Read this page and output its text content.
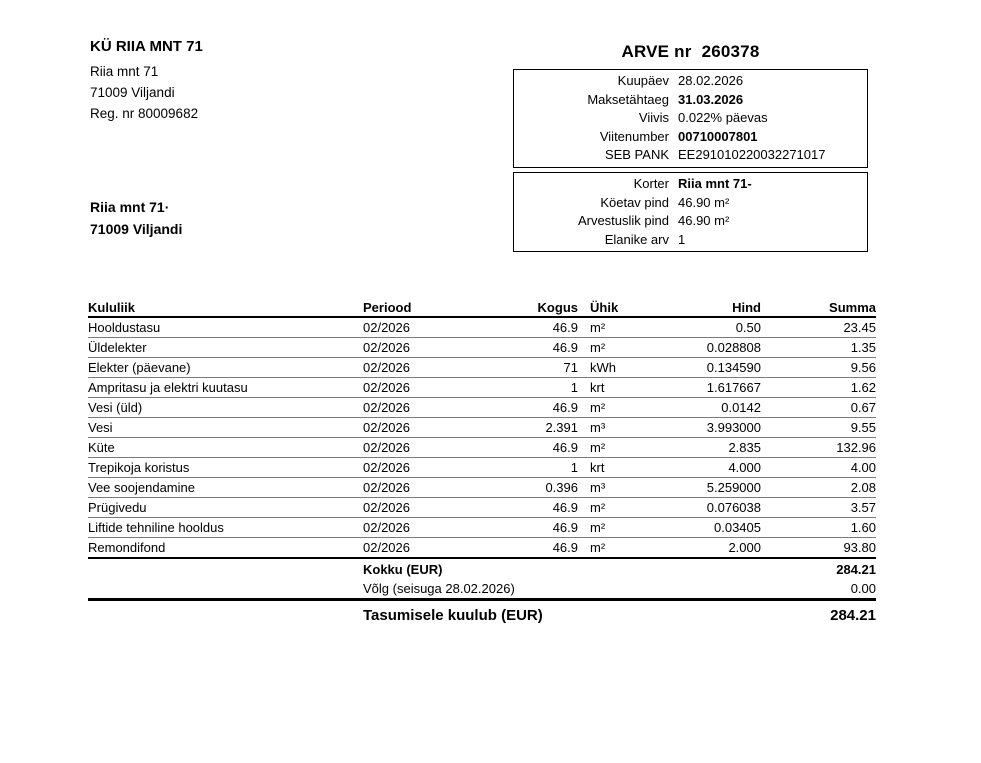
KÜ RIIA MNT 71
Riia mnt 71
71009 Viljandi
Reg. nr 80009682
Riia mnt 71·
71009 Viljandi
ARVE nr 260378
Kuupäev 28.02.2026
Maksetähtaeg 31.03.2026
Viivis 0.022% päevas
Viitenumber 00710007801
SEB PANK EE291010220032271017
Korter Riia mnt 71-
Köetav pind 46.90 m²
Arvestuslik pind 46.90 m²
Elanike arv 1
Kululiik	Periood	Kogus	Ühik	Hind	Summa
Hooldustasu	02/2026	46.9	m²	0.50	23.45
Üldelekter	02/2026	46.9	m²	0.028808	1.35
Elekter (päevane)	02/2026	71	kWh	0.134590	9.56
Ampritasu ja elektri kuutasu	02/2026	1	krt	1.617667	1.62
Vesi (üld)	02/2026	46.9	m²	0.0142	0.67
Vesi	02/2026	2.391	m³	3.993000	9.55
Küte	02/2026	46.9	m²	2.835	132.96
Trepikoja koristus	02/2026	1	krt	4.000	4.00
Vee soojendamine	02/2026	0.396	m³	5.259000	2.08
Prügivedu	02/2026	46.9	m²	0.076038	3.57
Liftide tehniline hooldus	02/2026	46.9	m²	0.03405	1.60
Remondifond	02/2026	46.9	m²	2.000	93.80
	Kokku (EUR)				284.21
	Võlg (seisuga 28.02.2026)				0.00
	Tasumisele kuulub (EUR)				284.21
